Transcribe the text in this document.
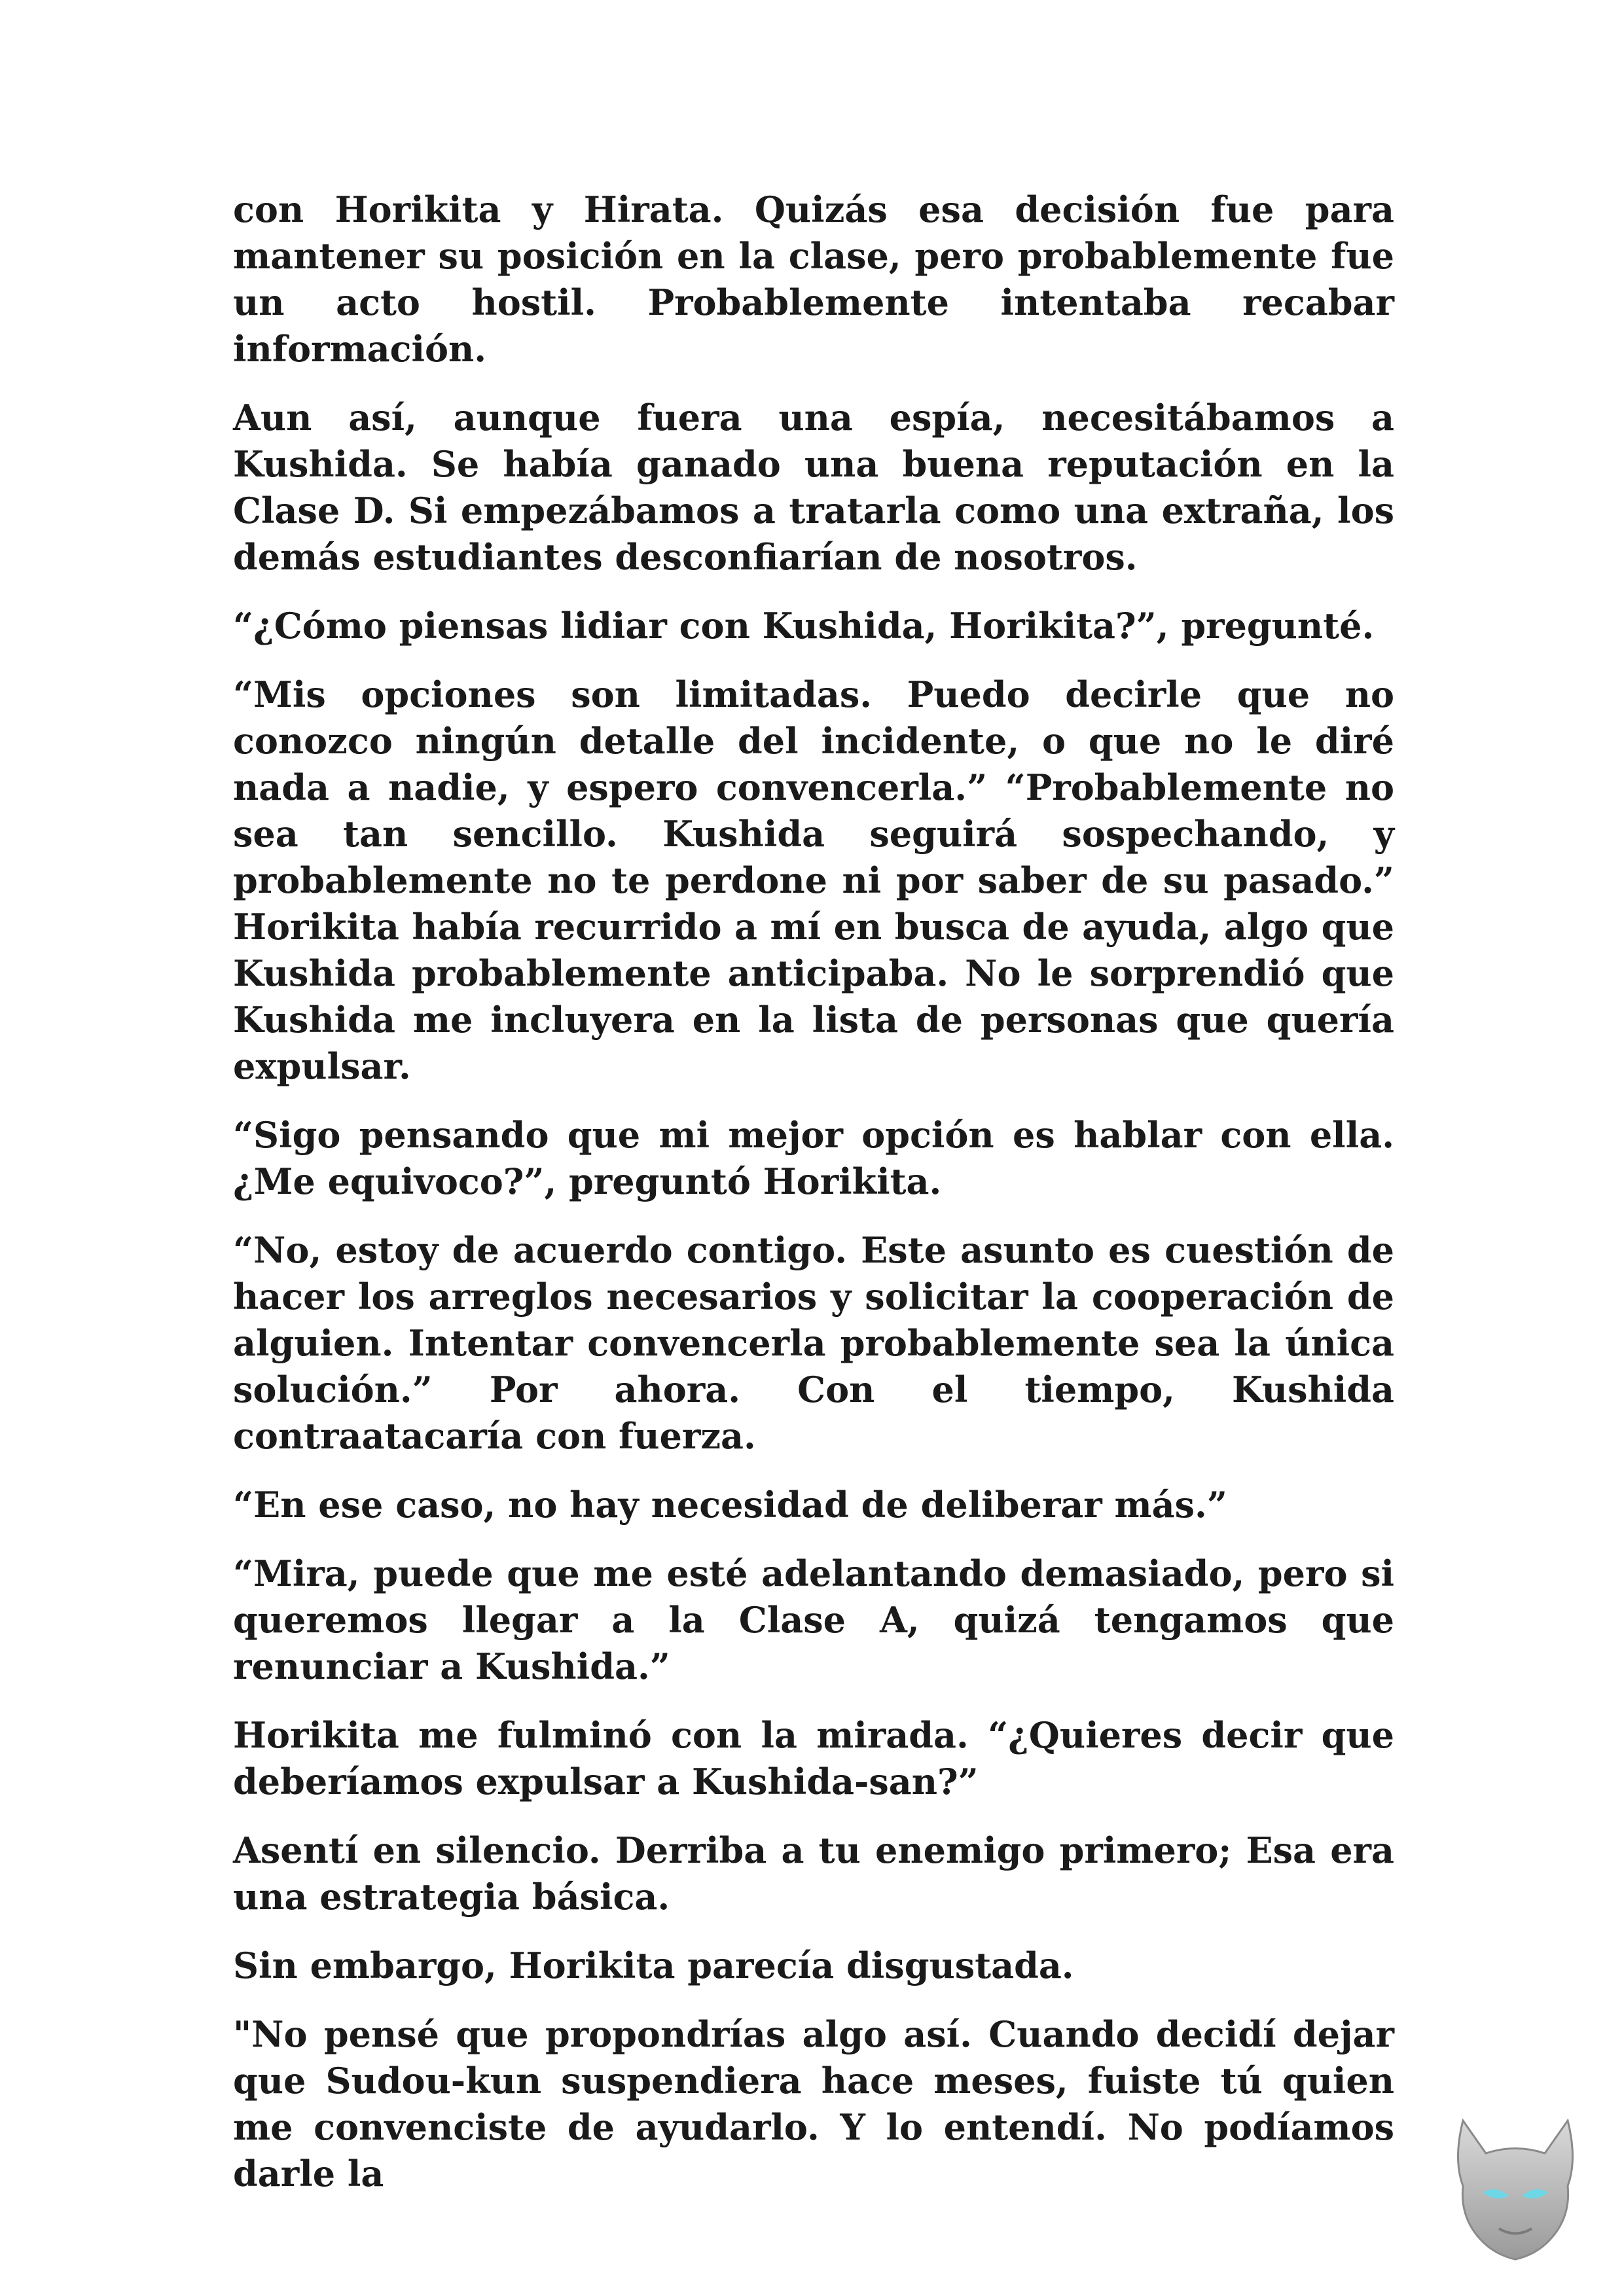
con Horikita y Hirata. Quizás esa decisión fue para mantener su posición en la clase, pero probablemente fue un acto hostil. Probablemente intentaba recabar información.

Aun así, aunque fuera una espía, necesitábamos a Kushida. Se había ganado una buena reputación en la Clase D. Si empezábamos a tratarla como una extraña, los demás estudiantes desconfiarían de nosotros.

“¿Cómo piensas lidiar con Kushida, Horikita?”, pregunté.

“Mis opciones son limitadas. Puedo decirle que no conozco ningún detalle del incidente, o que no le diré nada a nadie, y espero convencerla.” “Probablemente no sea tan sencillo. Kushida seguirá sospechando, y probablemente no te perdone ni por saber de su pasado.” Horikita había recurrido a mí en busca de ayuda, algo que Kushida probablemente anticipaba. No le sorprendió que Kushida me incluyera en la lista de personas que quería expulsar.

“Sigo pensando que mi mejor opción es hablar con ella. ¿Me equivoco?”, preguntó Horikita.

“No, estoy de acuerdo contigo. Este asunto es cuestión de hacer los arreglos necesarios y solicitar la cooperación de alguien. Intentar convencerla probablemente sea la única solución.” Por ahora. Con el tiempo, Kushida contraatacaría con fuerza.

“En ese caso, no hay necesidad de deliberar más.”

“Mira, puede que me esté adelantando demasiado, pero si queremos llegar a la Clase A, quizá tengamos que renunciar a Kushida.”

Horikita me fulminó con la mirada. “¿Quieres decir que deberíamos expulsar a Kushida-san?”

Asentí en silencio. Derriba a tu enemigo primero; Esa era una estrategia básica.

Sin embargo, Horikita parecía disgustada.

"No pensé que propondrías algo así. Cuando decidí dejar que Sudou-kun suspendiera hace meses, fuiste tú quien me convenciste de ayudarlo. Y lo entendí. No podíamos darle la
